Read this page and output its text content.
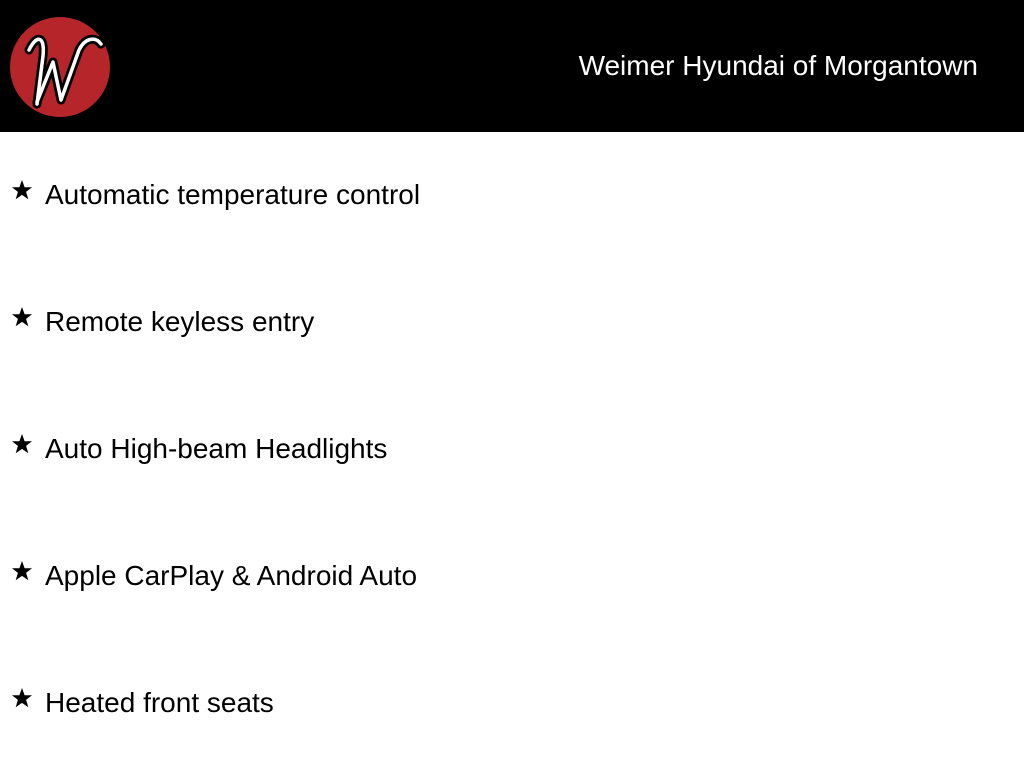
Weimer Hyundai of Morgantown
Automatic temperature control
Remote keyless entry
Auto High-beam Headlights
Apple CarPlay & Android Auto
Heated front seats
